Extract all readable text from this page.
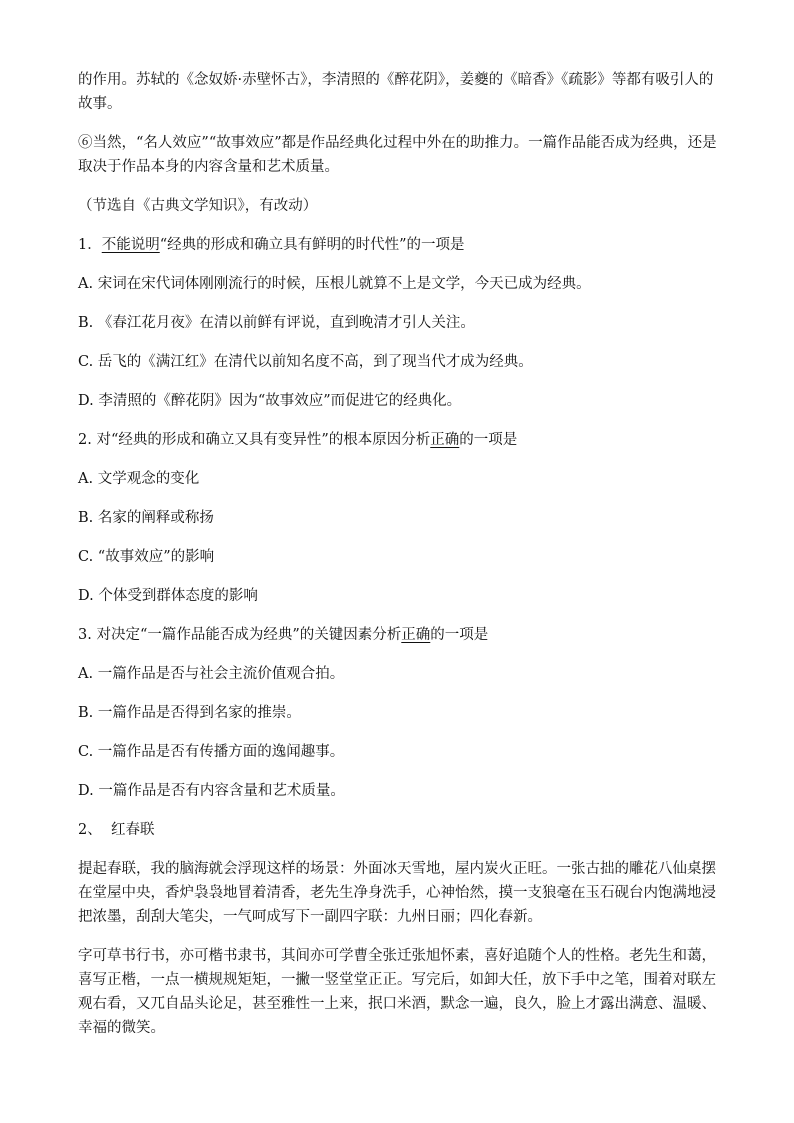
的作用。苏轼的《念奴娇·赤壁怀古》，李清照的《醉花阴》，姜夔的《暗香》《疏影》等都有吸引人的故事。

⑥当然，“名人效应”“故事效应”都是作品经典化过程中外在的助推力。一篇作品能否成为经典，还是取决于作品本身的内容含量和艺术质量。

（节选自《古典文学知识》，有改动）

1．不能说明“经典的形成和确立具有鲜明的时代性”的一项是

A. 宋词在宋代词体刚刚流行的时候，压根儿就算不上是文学，今天已成为经典。

B. 《春江花月夜》在清以前鲜有评说，直到晚清才引人关注。

C. 岳飞的《满江红》在清代以前知名度不高，到了现当代才成为经典。

D. 李清照的《醉花阴》因为“故事效应”而促进它的经典化。

2. 对“经典的形成和确立又具有变异性”的根本原因分析正确的一项是

A. 文学观念的变化

B. 名家的阐释或称扬

C. “故事效应”的影响

D. 个体受到群体态度的影响

3. 对决定“一篇作品能否成为经典”的关键因素分析正确的一项是

A. 一篇作品是否与社会主流价值观合拍。

B. 一篇作品是否得到名家的推崇。

C. 一篇作品是否有传播方面的逸闻趣事。

D. 一篇作品是否有内容含量和艺术质量。

2、  红春联

提起春联，我的脑海就会浮现这样的场景：外面冰天雪地，屋内炭火正旺。一张古拙的雕花八仙桌摆在堂屋中央，香炉袅袅地冒着清香，老先生净身洗手，心神怡然，摸一支狼毫在玉石砚台内饱满地浸把浓墨，刮刮大笔尖，一气呵成写下一副四字联：九州日丽；四化春新。

字可草书行书，亦可楷书隶书，其间亦可学曹全张迁张旭怀素，喜好追随个人的性格。老先生和蔼，喜写正楷，一点一横规规矩矩，一撇一竖堂堂正正。写完后，如卸大任，放下手中之笔，围着对联左观右看，又兀自品头论足，甚至雅性一上来，抿口米酒，默念一遍，良久，脸上才露出满意、温暖、幸福的微笑。
